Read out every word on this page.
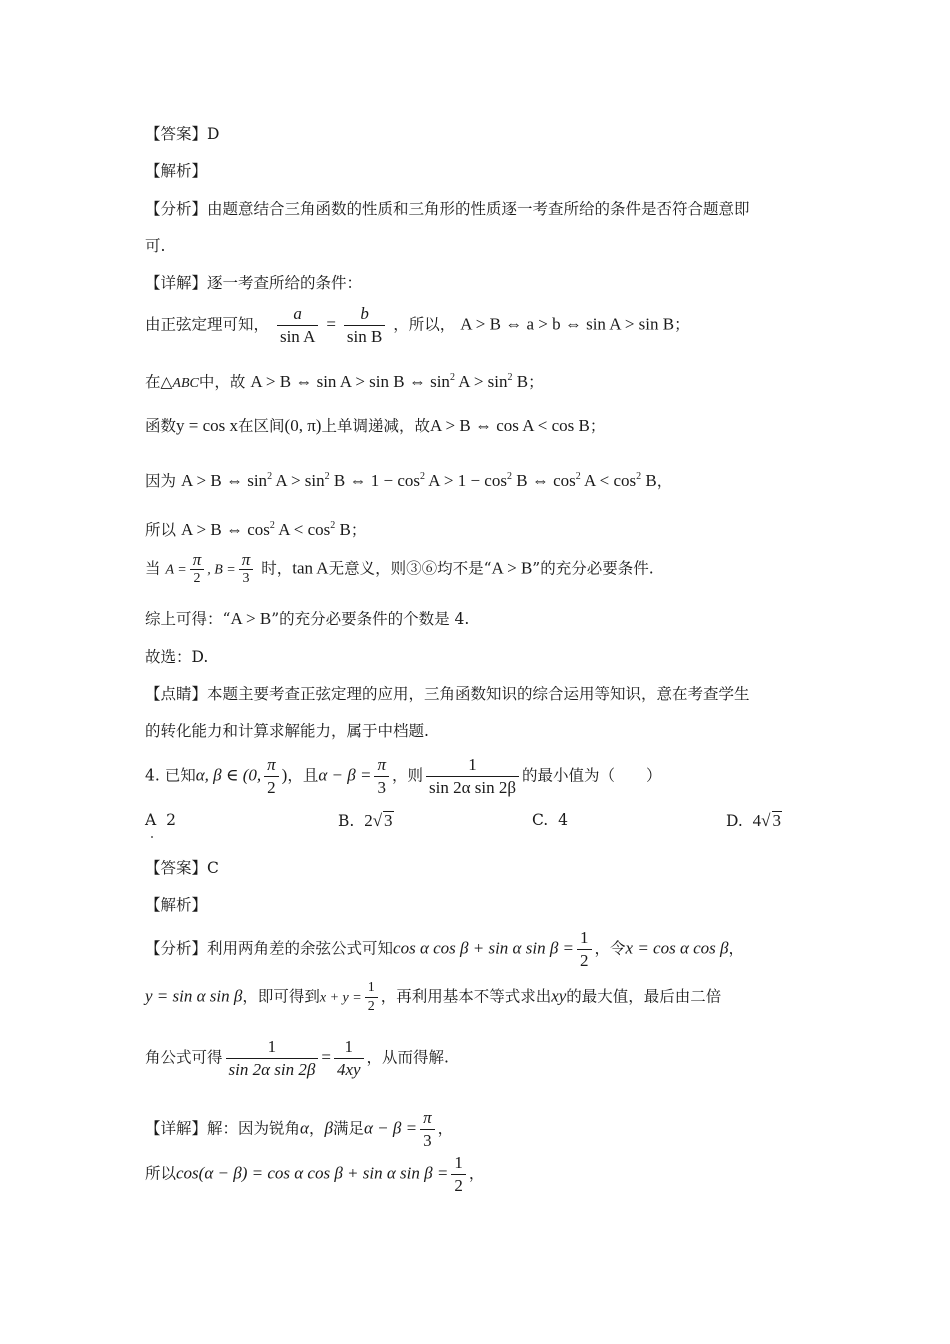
【答案】D
【解析】
【分析】由题意结合三角函数的性质和三角形的性质逐一考查所给的条件是否符合题意即
可.
【详解】逐一考查所给的条件：
由正弦定理可知， $\frac{a}{\text{sin A}} = \frac{b}{\text{sin B}}$ ，所以， A > B ⇔ a > b ⇔ sin A > sin B；
在△ABC中，故 A > B ⇔ sin A > sin B ⇔ $\sin^2 A > \sin^2 B$；
函数y = cos x在区间(0, π)上单调递减，故A > B ⇔ cos A < cos B；
因为 A > B ⇔ $\sin^2 A > \sin^2 B$ ⇔ $1 - \cos^2 A > 1 - \cos^2 B$ ⇔ $\cos^2 A < \cos^2 B$，
所以 A > B ⇔ $\cos^2 A < \cos^2 B$；
当 $A = \frac{\pi}{2}$ , $B = \frac{\pi}{3}$ 时，tan A无意义，则③⑥均不是“A > B”的充分必要条件.
综上可得：“A > B”的充分必要条件的个数是 4.
故选：D.
【点睛】本题主要考查正弦定理的应用，三角函数知识的综合运用等知识，意在考查学生
的转化能力和计算求解能力，属于中档题.
4. 已知α, β ∈ (0, $\frac{\pi}{2}$ )，且$\alpha - \beta = \frac{\pi}{3}$ ，则 $\frac{1}{\text{sin 2α sin 2β}}$ 的最小值为（　　）
A 2	B. 2√ 3	C. 4	D. 4√ 3
【答案】C
【解析】
【分析】利用两角差的余弦公式可知cos α cos β + sin α $\sin \beta = \frac{1}{2}$ ，令x = cos α cos β，
y = sin α sin β，即可得到$x + y = \frac{1}{2}$ ，再利用基本不等式求出xy的最大值，最后由二倍
角公式可得 $\frac{1}{\text{sin 2α sin 2β}} = \frac{1}{4xy}$ ，从而得解.
【详解】解：因为锐角α，β满足$\alpha - \beta = \frac{\pi}{3}$ ，
所以cos(α − β) = cos α cos β + sin α $\sin \beta = \frac{1}{2}$ ，
